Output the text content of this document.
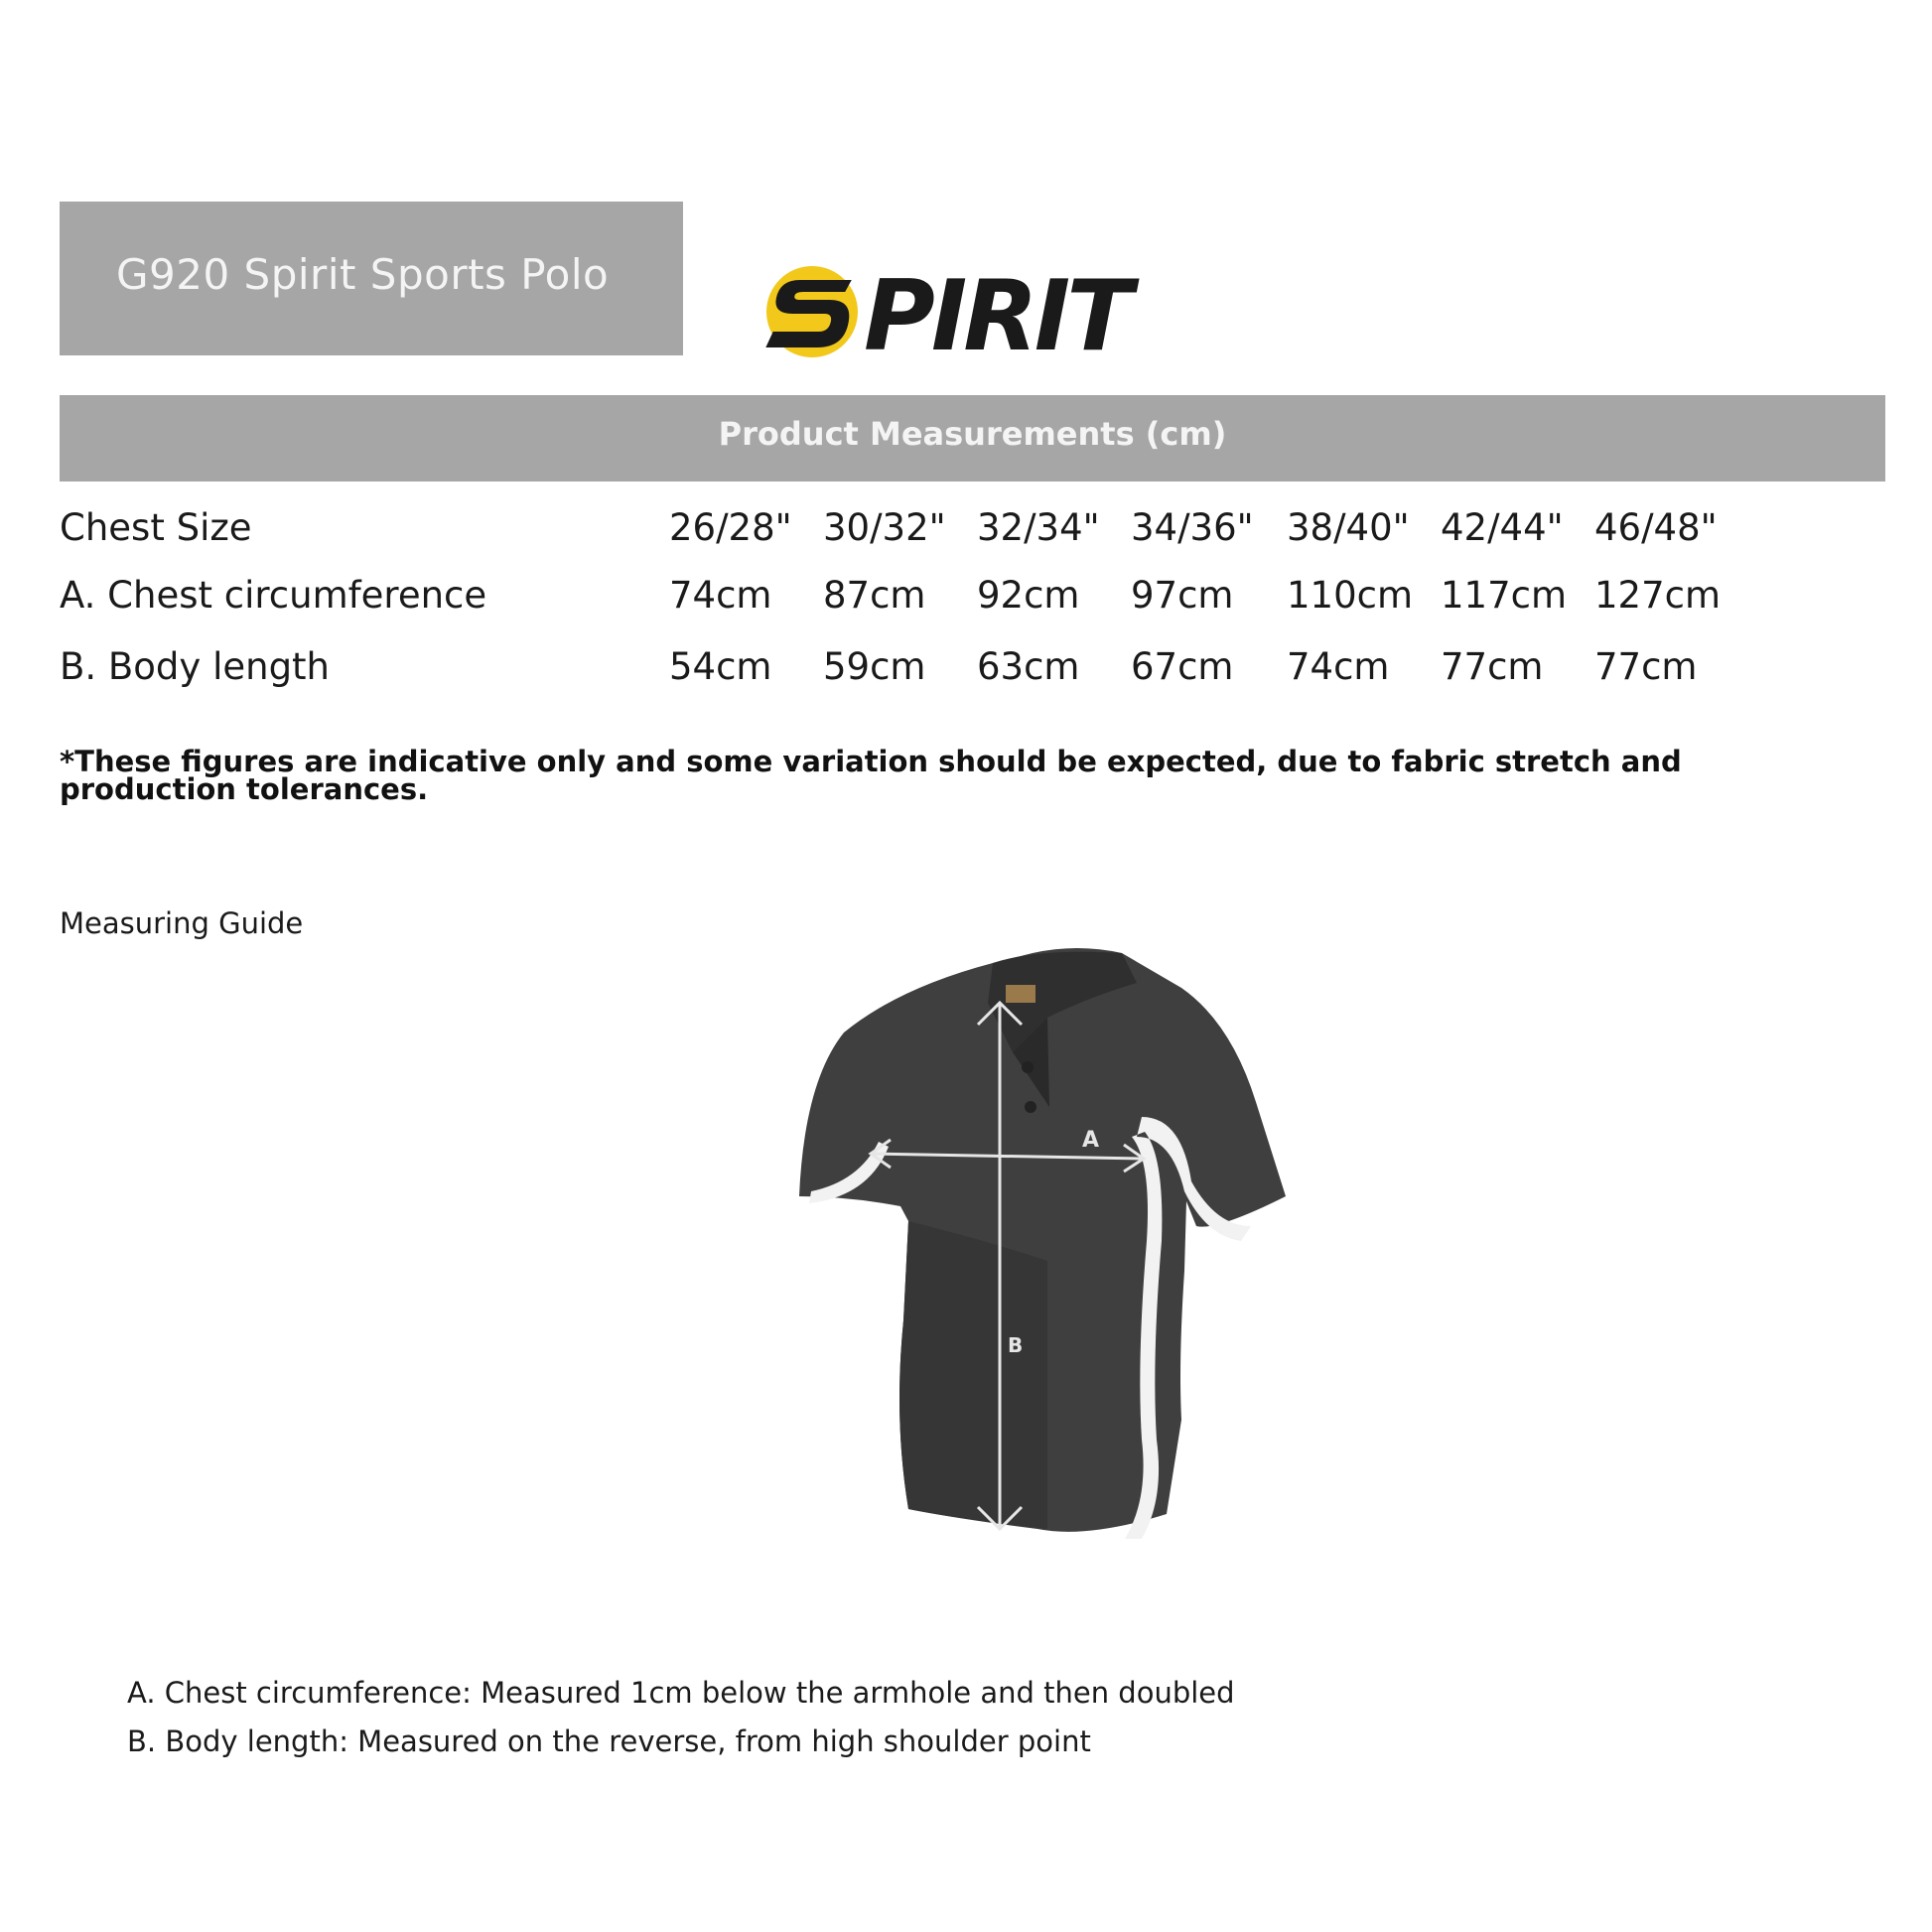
G920 Spirit Sports Polo	PIRIT
Product Measurements (cm)
Chest Size	26/28" 30/32" 32/34" 34/36" 38/40" 42/44" 46/48"
A. Chest circumference	74cm 87cm 92cm 97cm 110cm 117cm 127cm
B. Body length	54cm 59cm 63cm 67cm 74cm 77cm 77cm
*These figures are indicative only and some variation should be expected, due to fabric stretch and production tolerances.
Measuring Guide
A
B
A. Chest circumference: Measured 1cm below the armhole and then doubled
B. Body length: Measured on the reverse, from high shoulder point
